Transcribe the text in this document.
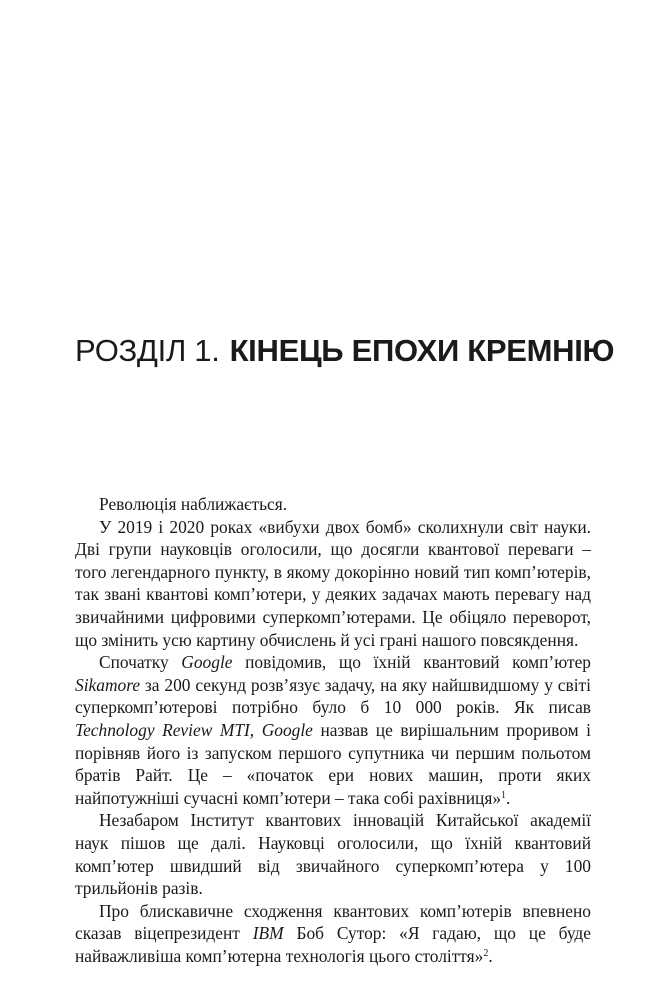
РОЗДІЛ 1. КІНЕЦЬ ЕПОХИ КРЕМНІЮ

Революція наближається.

У 2019 і 2020 роках «вибухи двох бомб» сколихнули світ науки. Дві групи науковців оголосили, що досягли квантової переваги – того легендарного пункту, в якому докорінно новий тип комп’ютерів, так звані квантові комп’ютери, у деяких задачах мають перевагу над звичайними цифровими суперкомп’ютерами. Це обіцяло переворот, що змінить усю картину обчислень й усі грані нашого повсякдення.

Спочатку Google повідомив, що їхній квантовий комп’ютер Sikamore за 200 секунд розв’язує задачу, на яку найшвидшому у світі суперкомп’ютерові потрібно було б 10 000 років. Як писав Technology Review MTI, Google назвав це вирішальним проривом і порівняв його із запуском першого супутника чи першим польотом братів Райт. Це – «початок ери нових машин, проти яких найпотужніші сучасні комп’ютери – така собі рахівниця»$^1$.

Незабаром Інститут квантових інновацій Китайської академії наук пішов ще далі. Науковці оголосили, що їхній квантовий комп’ютер швидший від звичайного суперкомп’ютера у 100 трильйонів разів.

Про блискавичне сходження квантових комп’ютерів впевнено сказав віцепрезидент IBM Боб Сутор: «Я гадаю, що це буде найважливіша комп’ютерна технологія цього століття»$^2$.
